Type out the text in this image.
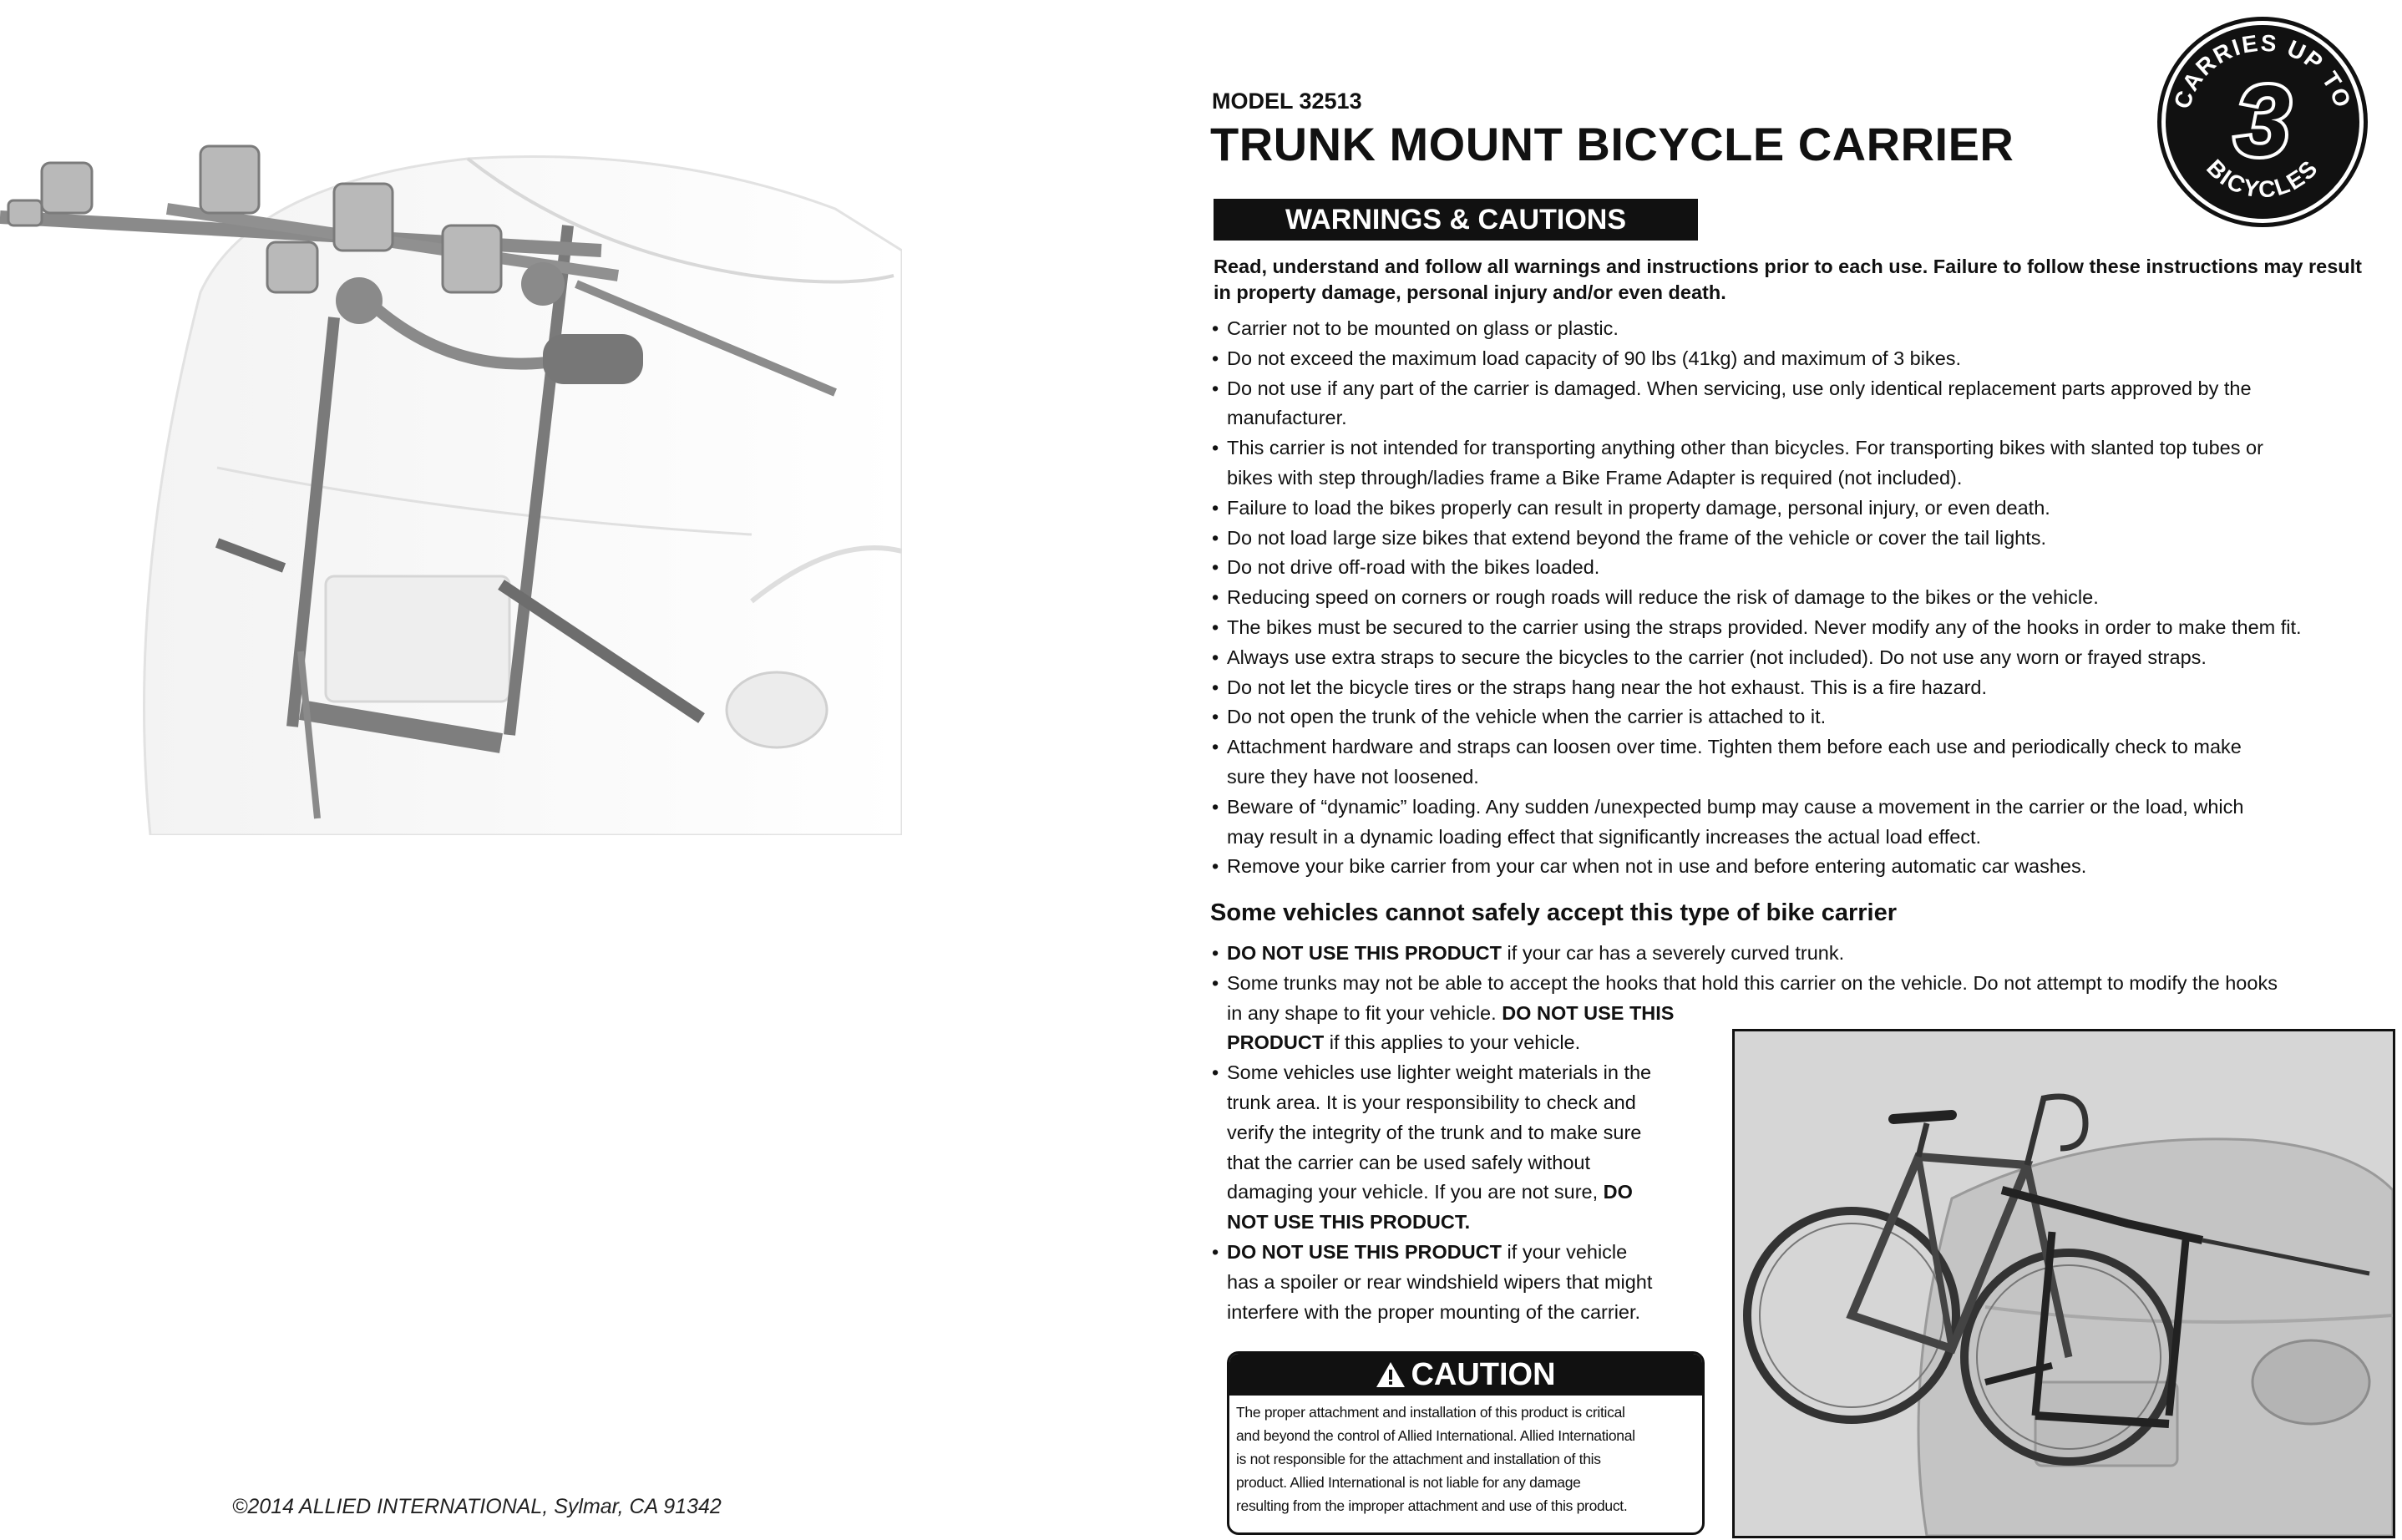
©2014 ALLIED INTERNATIONAL, Sylmar, CA 91342
MODEL 32513
TRUNK MOUNT BICYCLE CARRIER
CARRIES UP TO
BICYCLES
3
WARNINGS & CAUTIONS
Read, understand and follow all warnings and instructions prior to each use. Failure to follow these instructions may result in property damage, personal injury and/or even death.
• Carrier not to be mounted on glass or plastic.
• Do not exceed the maximum load capacity of 90 lbs (41kg) and maximum of 3 bikes.
• Do not use if any part of the carrier is damaged. When servicing, use only identical replacement parts approved by the
manufacturer.
• This carrier is not intended for transporting anything other than bicycles. For transporting bikes with slanted top tubes or
bikes with step through/ladies frame a Bike Frame Adapter is required (not included).
• Failure to load the bikes properly can result in property damage, personal injury, or even death.
• Do not load large size bikes that extend beyond the frame of the vehicle or cover the tail lights.
• Do not drive off-road with the bikes loaded.
• Reducing speed on corners or rough roads will reduce the risk of damage to the bikes or the vehicle.
• The bikes must be secured to the carrier using the straps provided. Never modify any of the hooks in order to make them fit.
• Always use extra straps to secure the bicycles to the carrier (not included). Do not use any worn or frayed straps.
• Do not let the bicycle tires or the straps hang near the hot exhaust. This is a fire hazard.
• Do not open the trunk of the vehicle when the carrier is attached to it.
• Attachment hardware and straps can loosen over time. Tighten them before each use and periodically check to make
sure they have not loosened.
• Beware of “dynamic” loading. Any sudden /unexpected bump may cause a movement in the carrier or the load, which
may result in a dynamic loading effect that significantly increases the actual load effect.
• Remove your bike carrier from your car when not in use and before entering automatic car washes.
Some vehicles cannot safely accept this type of bike carrier
• DO NOT USE THIS PRODUCT if your car has a severely curved trunk.
• Some trunks may not be able to accept the hooks that hold this carrier on the vehicle. Do not attempt to modify the hooks
in any shape to fit your vehicle. DO NOT USE THIS
PRODUCT if this applies to your vehicle.
• Some vehicles use lighter weight materials in the
trunk area. It is your responsibility to check and
verify the integrity of the trunk and to make sure
that the carrier can be used safely without
damaging your vehicle. If you are not sure, DO
NOT USE THIS PRODUCT.
• DO NOT USE THIS PRODUCT if your vehicle
has a spoiler or rear windshield wipers that might
interfere with the proper mounting of the carrier.
CAUTION
The proper attachment and installation of this product is critical
and beyond the control of Allied International. Allied International
is not responsible for the attachment and installation of this
product. Allied International is not liable for any damage
resulting from the improper attachment and use of this product.
